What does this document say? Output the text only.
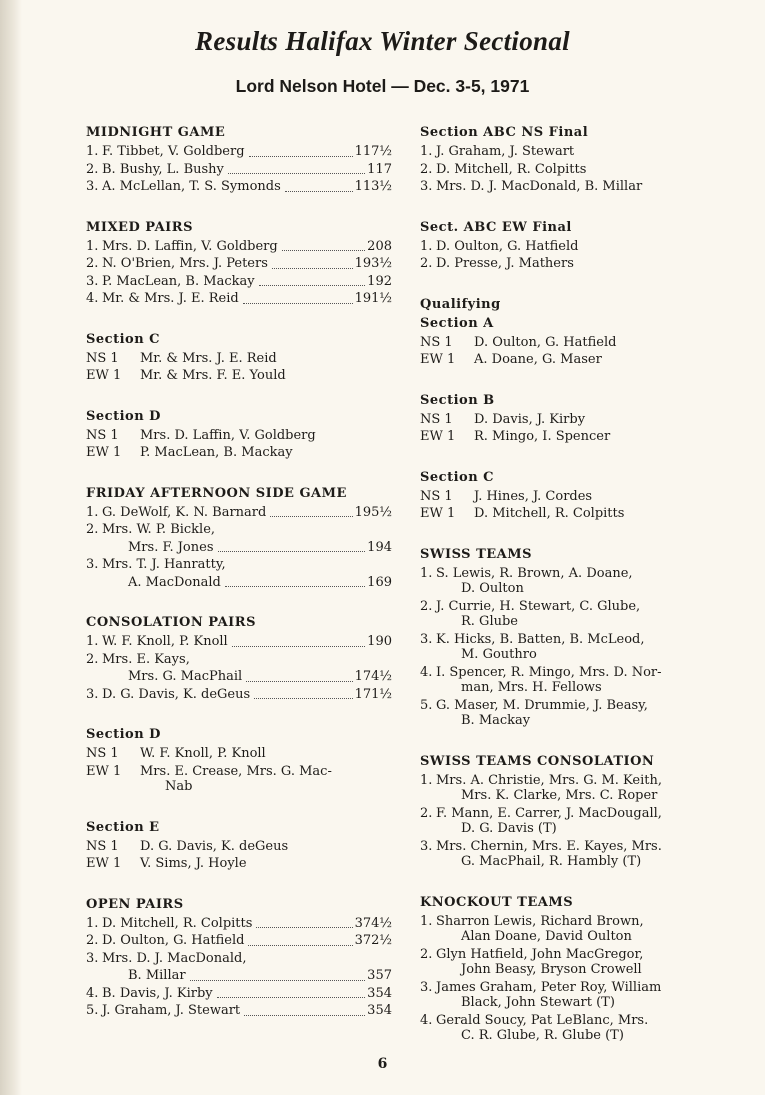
Results Halifax Winter Sectional
Lord Nelson Hotel — Dec. 3-5, 1971
MIDNIGHT GAME
1. F. Tibbet, V. Goldberg	117½
2. B. Bushy, L. Bushy	117
3. A. McLellan, T. S. Symonds	113½
MIXED PAIRS
1. Mrs. D. Laffin, V. Goldberg	208
2. N. O'Brien, Mrs. J. Peters	193½
3. P. MacLean, B. Mackay	192
4. Mr. & Mrs. J. E. Reid	191½
Section C
NS 1	Mr. & Mrs. J. E. Reid
EW 1	Mr. & Mrs. F. E. Yould
Section D
NS 1	Mrs. D. Laffin, V. Goldberg
EW 1	P. MacLean, B. Mackay
FRIDAY AFTERNOON SIDE GAME
1. G. DeWolf, K. N. Barnard	195½
2. Mrs. W. P. Bickle,
Mrs. F. Jones	194
3. Mrs. T. J. Hanratty,
A. MacDonald	169
CONSOLATION PAIRS
1. W. F. Knoll, P. Knoll	190
2. Mrs. E. Kays,
Mrs. G. MacPhail	174½
3. D. G. Davis, K. deGeus	171½
Section D
NS 1	W. F. Knoll, P. Knoll
EW 1	Mrs. E. Crease, Mrs. G. Mac-
Nab
Section E
NS 1	D. G. Davis, K. deGeus
EW 1	V. Sims, J. Hoyle
OPEN PAIRS
1. D. Mitchell, R. Colpitts	374½
2. D. Oulton, G. Hatfield	372½
3. Mrs. D. J. MacDonald,
B. Millar	357
4. B. Davis, J. Kirby	354
5. J. Graham, J. Stewart	354
Section ABC NS Final
1. J. Graham, J. Stewart
2. D. Mitchell, R. Colpitts
3. Mrs. D. J. MacDonald, B. Millar
Sect. ABC EW Final
1. D. Oulton, G. Hatfield
2. D. Presse, J. Mathers
Qualifying
Section A
NS 1	D. Oulton, G. Hatfield
EW 1	A. Doane, G. Maser
Section B
NS 1	D. Davis, J. Kirby
EW 1	R. Mingo, I. Spencer
Section C
NS 1	J. Hines, J. Cordes
EW 1	D. Mitchell, R. Colpitts
SWISS TEAMS
1. S. Lewis, R. Brown, A. Doane,
D. Oulton
2. J. Currie, H. Stewart, C. Glube,
R. Glube
3. K. Hicks, B. Batten, B. McLeod,
M. Gouthro
4. I. Spencer, R. Mingo, Mrs. D. Nor-
man, Mrs. H. Fellows
5. G. Maser, M. Drummie, J. Beasy,
B. Mackay
SWISS TEAMS CONSOLATION
1. Mrs. A. Christie, Mrs. G. M. Keith,
Mrs. K. Clarke, Mrs. C. Roper
2. F. Mann, E. Carrer, J. MacDougall,
D. G. Davis (T)
3. Mrs. Chernin, Mrs. E. Kayes, Mrs.
G. MacPhail, R. Hambly (T)
KNOCKOUT TEAMS
1. Sharron Lewis, Richard Brown,
Alan Doane, David Oulton
2. Glyn Hatfield, John MacGregor,
John Beasy, Bryson Crowell
3. James Graham, Peter Roy, William
Black, John Stewart (T)
4. Gerald Soucy, Pat LeBlanc, Mrs.
C. R. Glube, R. Glube (T)
6
